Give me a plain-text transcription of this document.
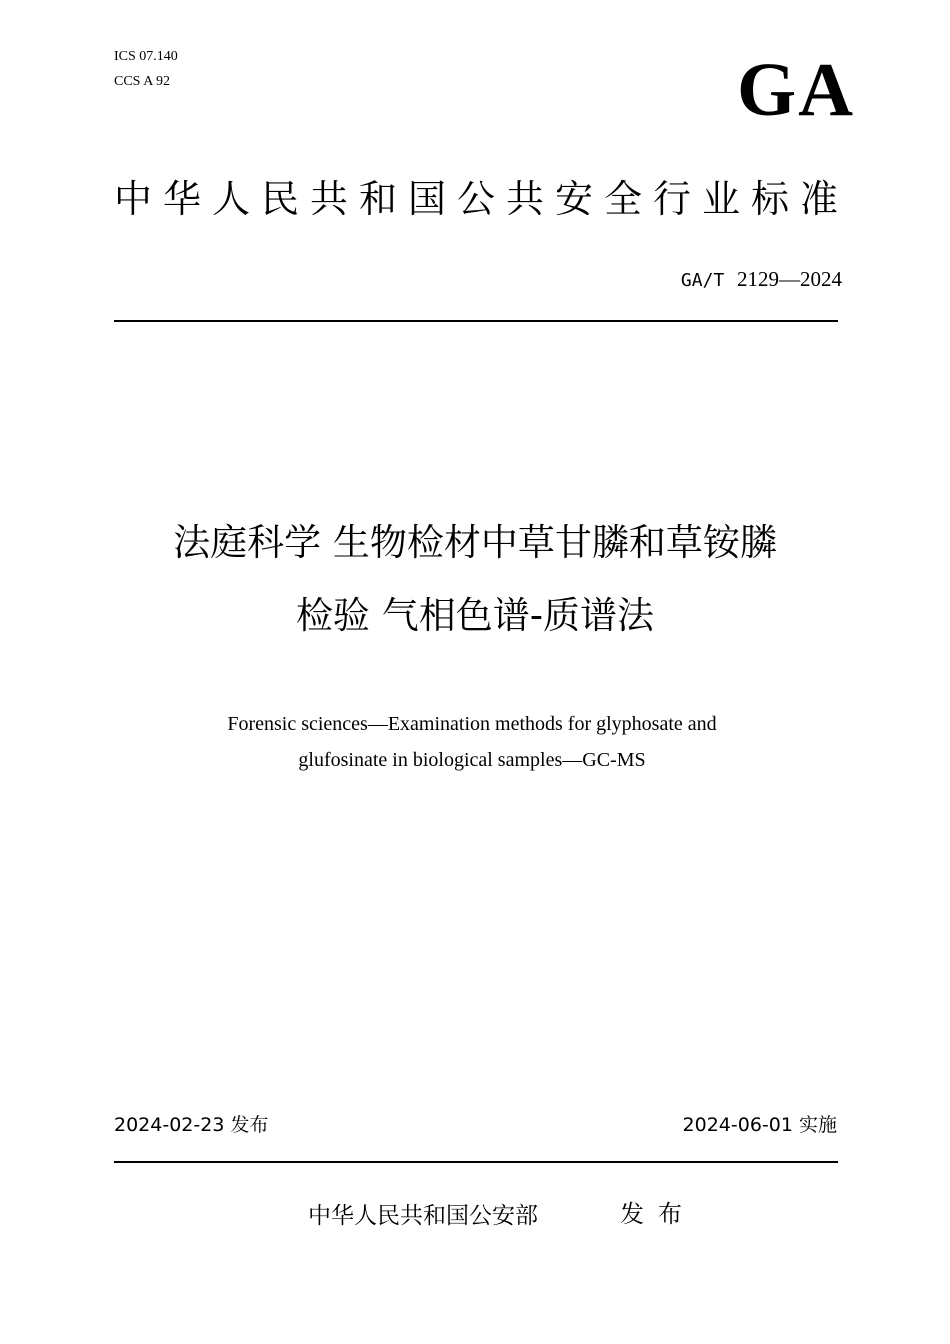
ICS 07.140
CCS A 92	GA
中华人民共和国公共安全行业标准
GA/T 2129—2024
法庭科学 生物检材中草甘膦和草铵膦
检验 气相色谱-质谱法
Forensic sciences—Examination methods for glyphosate and
glufosinate in biological samples—GC-MS
2024-02-23 发布	2024-06-01 实施
中华人民共和国公安部	发布
